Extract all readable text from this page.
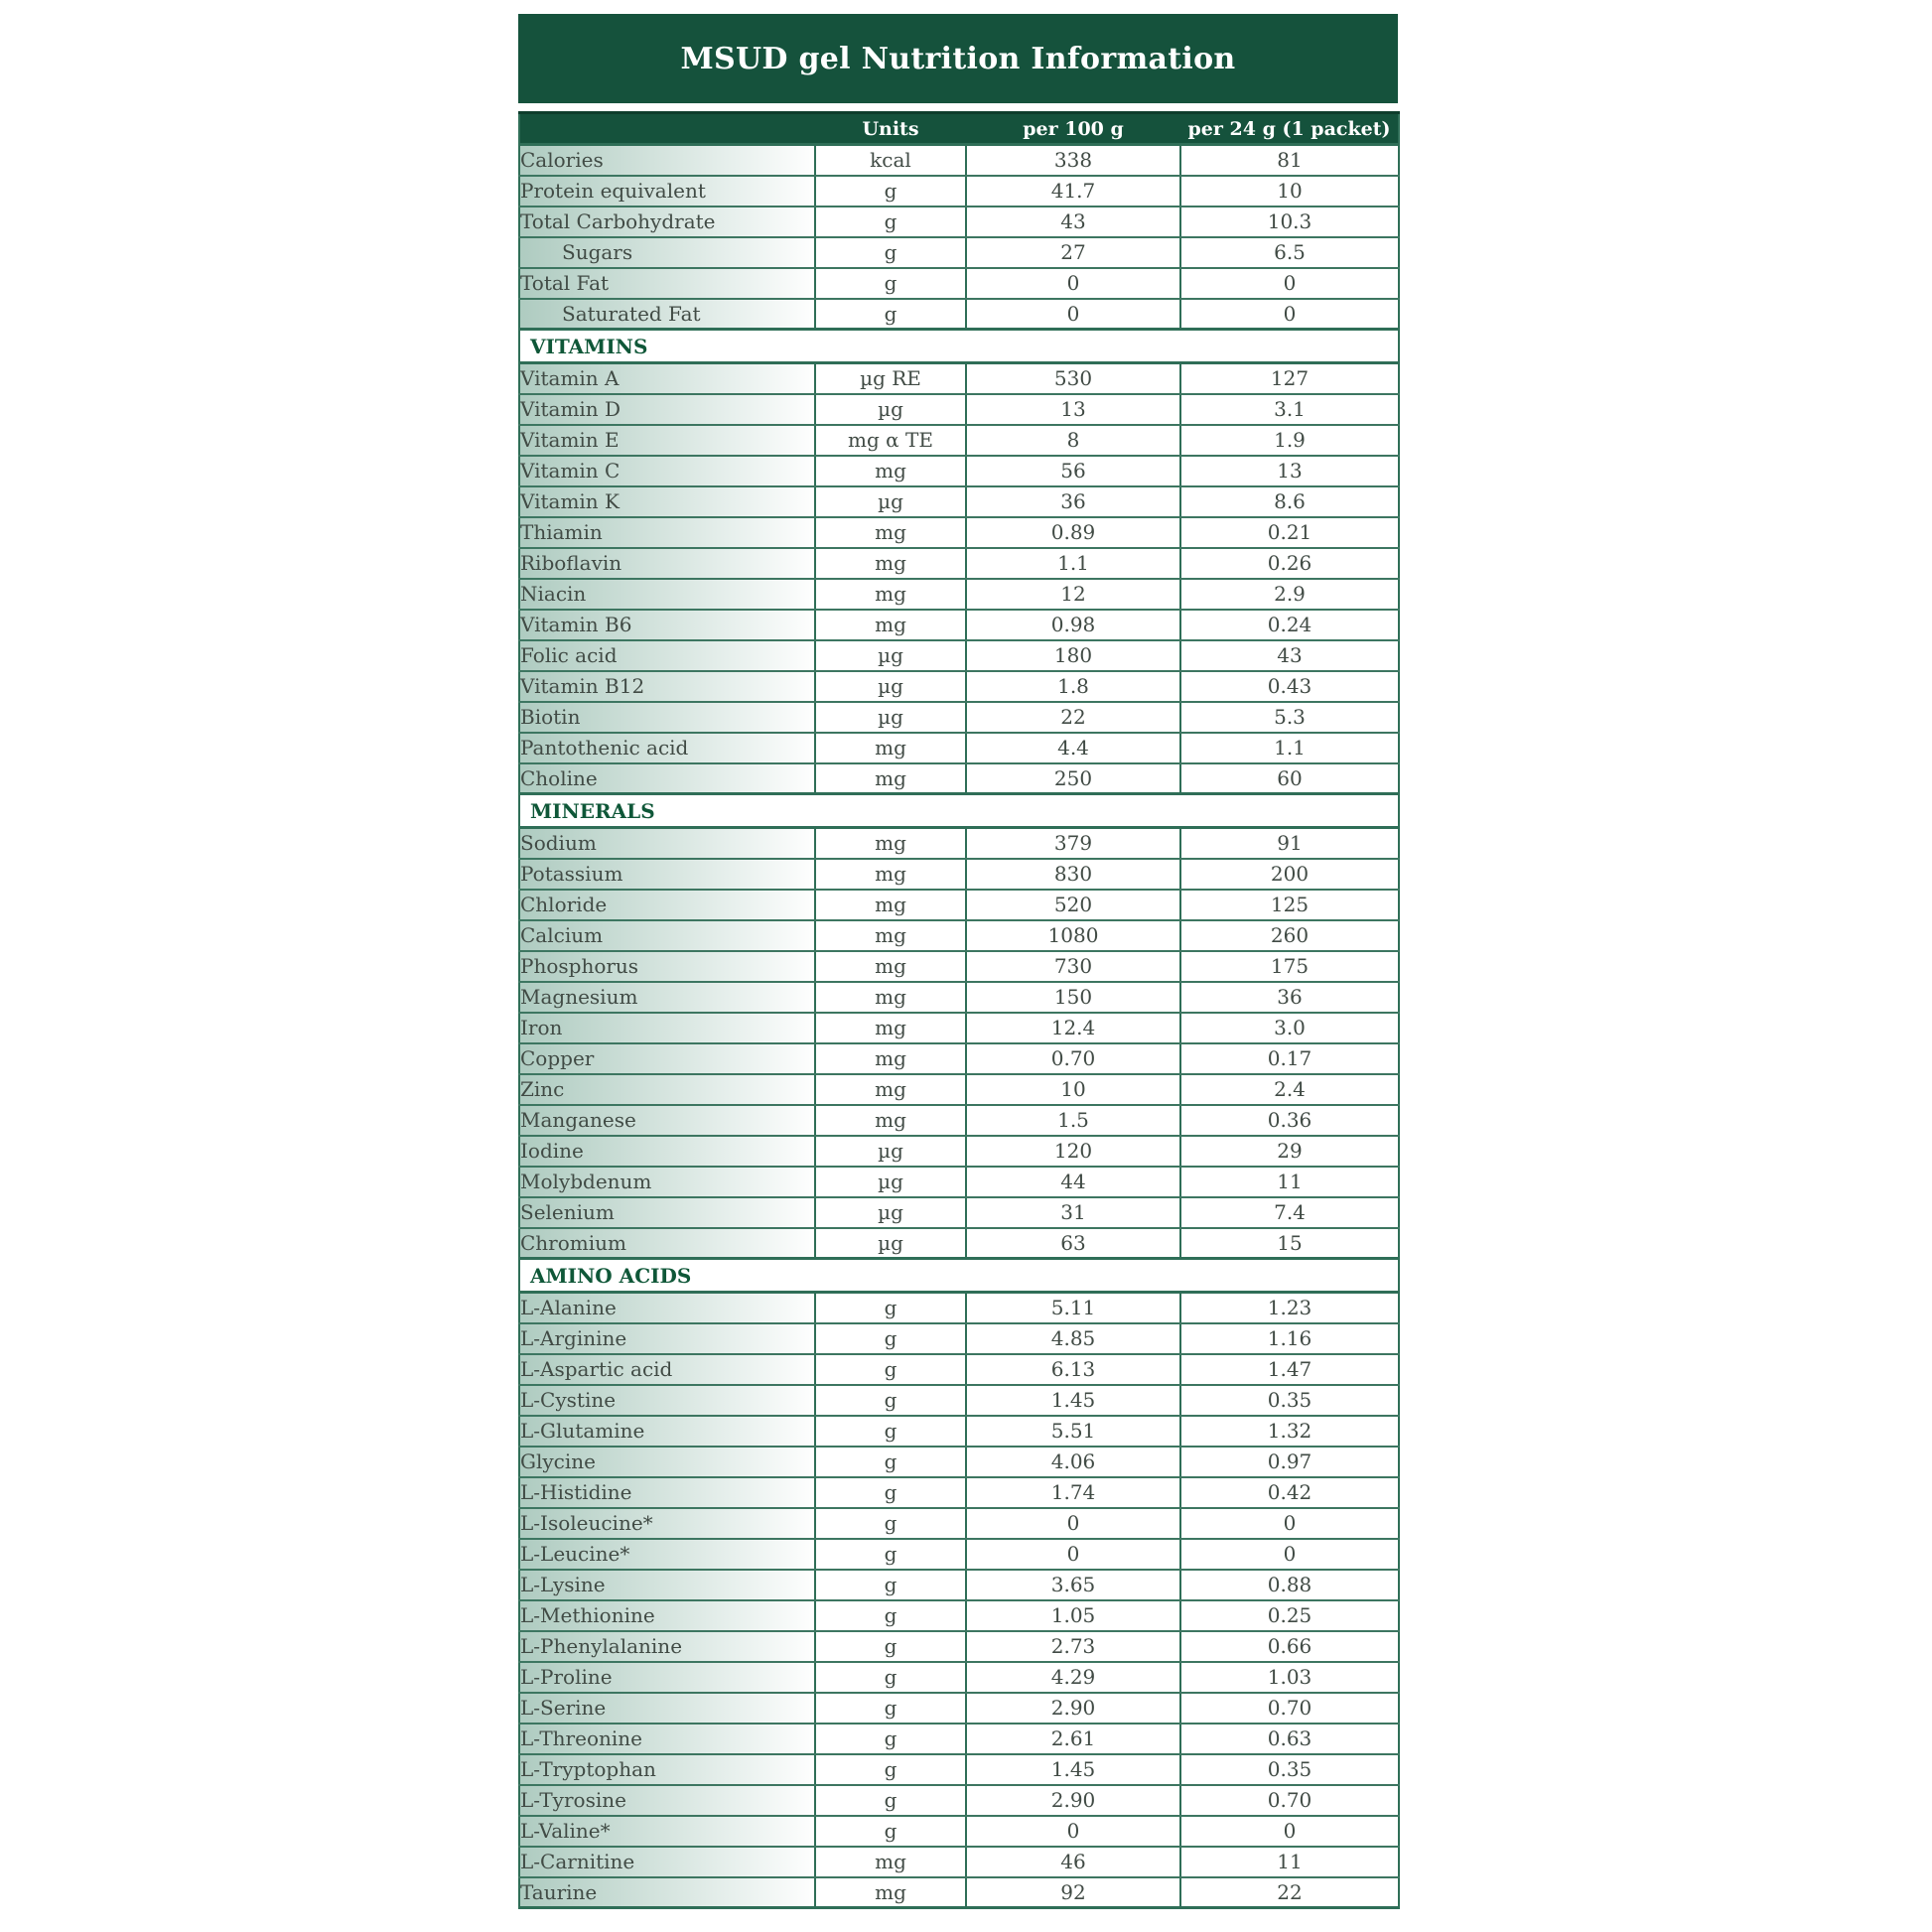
MSUD gel Nutrition Information
	Units	per 100 g	per 24 g (1 packet)
Calories	kcal	338	81
Protein equivalent	g	41.7	10
Total Carbohydrate	g	43	10.3
Sugars	g	27	6.5
Total Fat	g	0	0
Saturated Fat	g	0	0
VITAMINS			
Vitamin A	µg RE	530	127
Vitamin D	µg	13	3.1
Vitamin E	mg α TE	8	1.9
Vitamin C	mg	56	13
Vitamin K	µg	36	8.6
Thiamin	mg	0.89	0.21
Riboflavin	mg	1.1	0.26
Niacin	mg	12	2.9
Vitamin B6	mg	0.98	0.24
Folic acid	µg	180	43
Vitamin B12	µg	1.8	0.43
Biotin	µg	22	5.3
Pantothenic acid	mg	4.4	1.1
Choline	mg	250	60
MINERALS			
Sodium	mg	379	91
Potassium	mg	830	200
Chloride	mg	520	125
Calcium	mg	1080	260
Phosphorus	mg	730	175
Magnesium	mg	150	36
Iron	mg	12.4	3.0
Copper	mg	0.70	0.17
Zinc	mg	10	2.4
Manganese	mg	1.5	0.36
Iodine	µg	120	29
Molybdenum	µg	44	11
Selenium	µg	31	7.4
Chromium	µg	63	15
AMINO ACIDS			
L-Alanine	g	5.11	1.23
L-Arginine	g	4.85	1.16
L-Aspartic acid	g	6.13	1.47
L-Cystine	g	1.45	0.35
L-Glutamine	g	5.51	1.32
Glycine	g	4.06	0.97
L-Histidine	g	1.74	0.42
L-Isoleucine*	g	0	0
L-Leucine*	g	0	0
L-Lysine	g	3.65	0.88
L-Methionine	g	1.05	0.25
L-Phenylalanine	g	2.73	0.66
L-Proline	g	4.29	1.03
L-Serine	g	2.90	0.70
L-Threonine	g	2.61	0.63
L-Tryptophan	g	1.45	0.35
L-Tyrosine	g	2.90	0.70
L-Valine*	g	0	0
L-Carnitine	mg	46	11
Taurine	mg	92	22
